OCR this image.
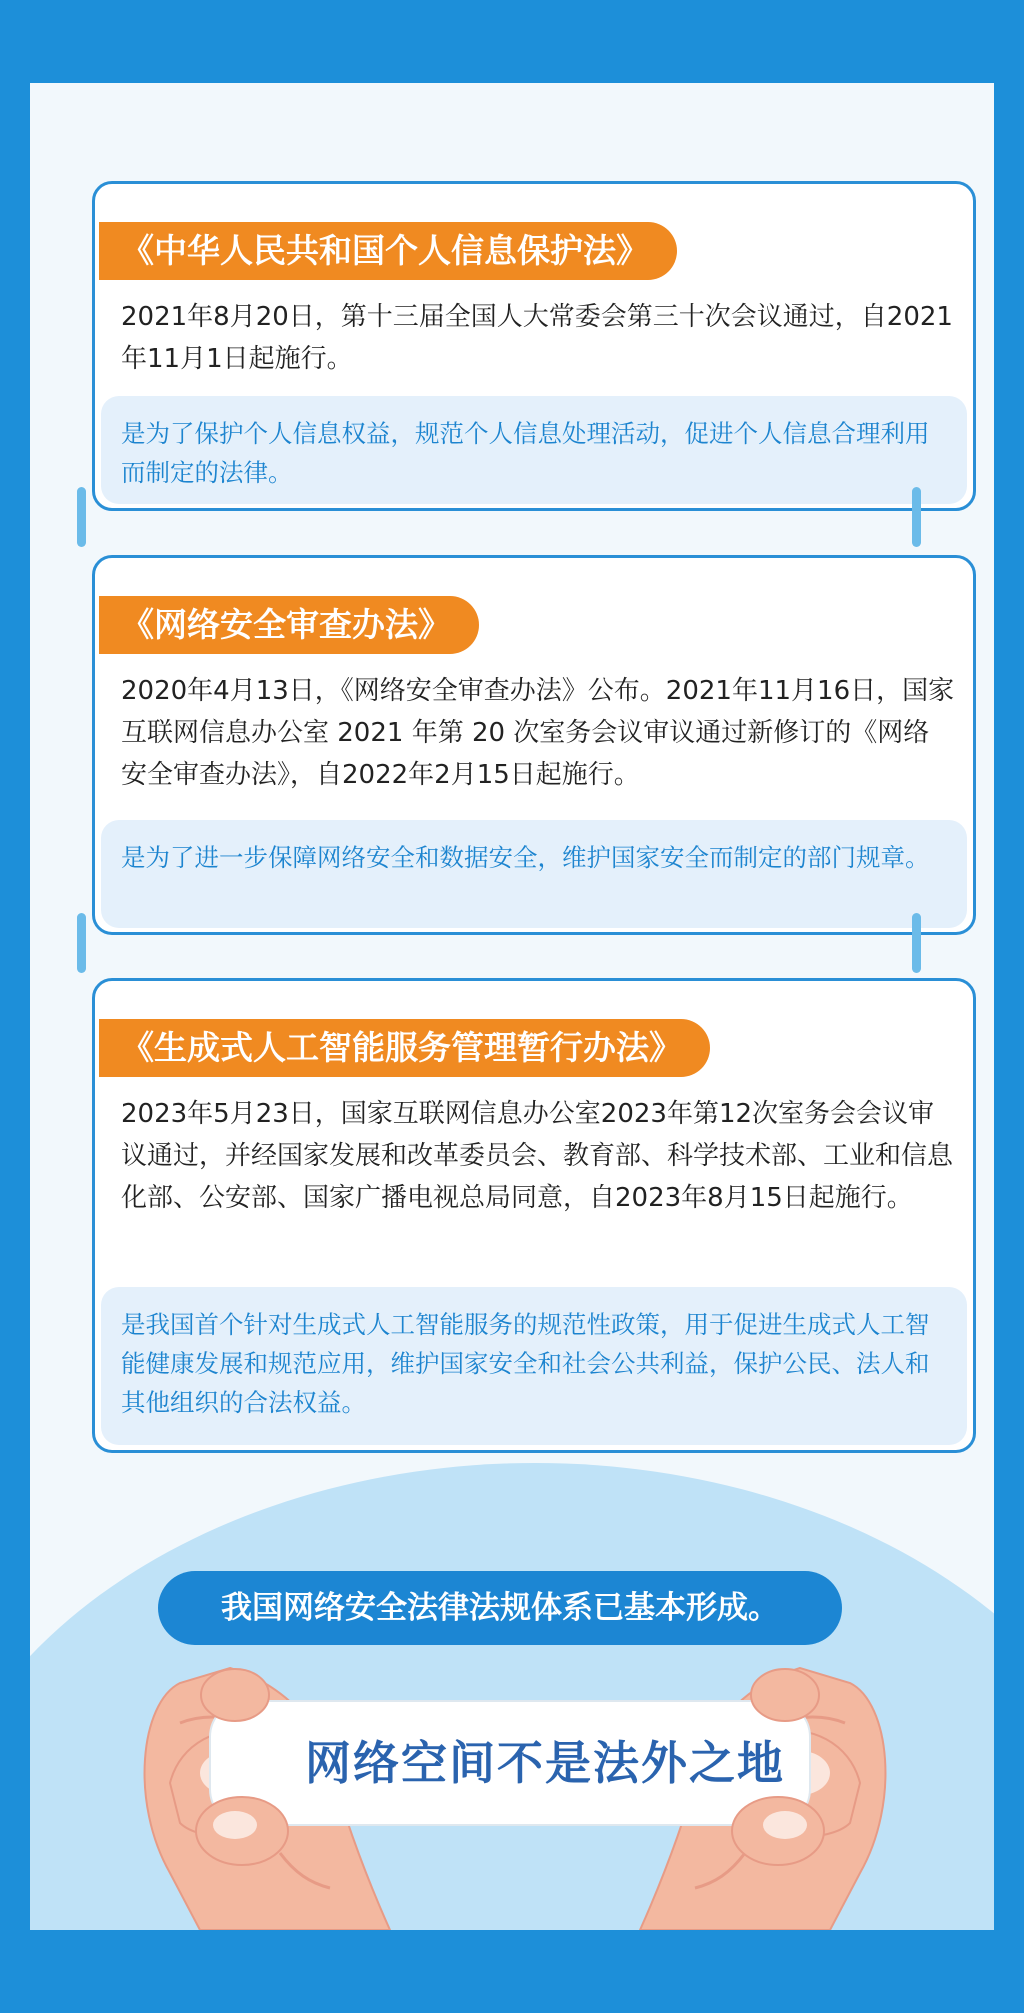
《中华人民共和国个人信息保护法》
2021年8月20日，第十三届全国人大常委会第三十次会议通过，自2021年11月1日起施行。
是为了保护个人信息权益，规范个人信息处理活动，促进个人信息合理利用而制定的法律。
《网络安全审查办法》
2020年4月13日，《网络安全审查办法》公布。2021年11月16日，国家互联网信息办公室 2021 年第 20 次室务会议审议通过新修订的《网络安全审查办法》，自2022年2月15日起施行。
是为了进一步保障网络安全和数据安全，维护国家安全而制定的部门规章。
《生成式人工智能服务管理暂行办法》
2023年5月23日，国家互联网信息办公室2023年第12次室务会会议审议通过，并经国家发展和改革委员会、教育部、科学技术部、工业和信息化部、公安部、国家广播电视总局同意，自2023年8月15日起施行。
是我国首个针对生成式人工智能服务的规范性政策，用于促进生成式人工智能健康发展和规范应用，维护国家安全和社会公共利益，保护公民、法人和其他组织的合法权益。
我国网络安全法律法规体系已基本形成。
网络空间不是法外之地
